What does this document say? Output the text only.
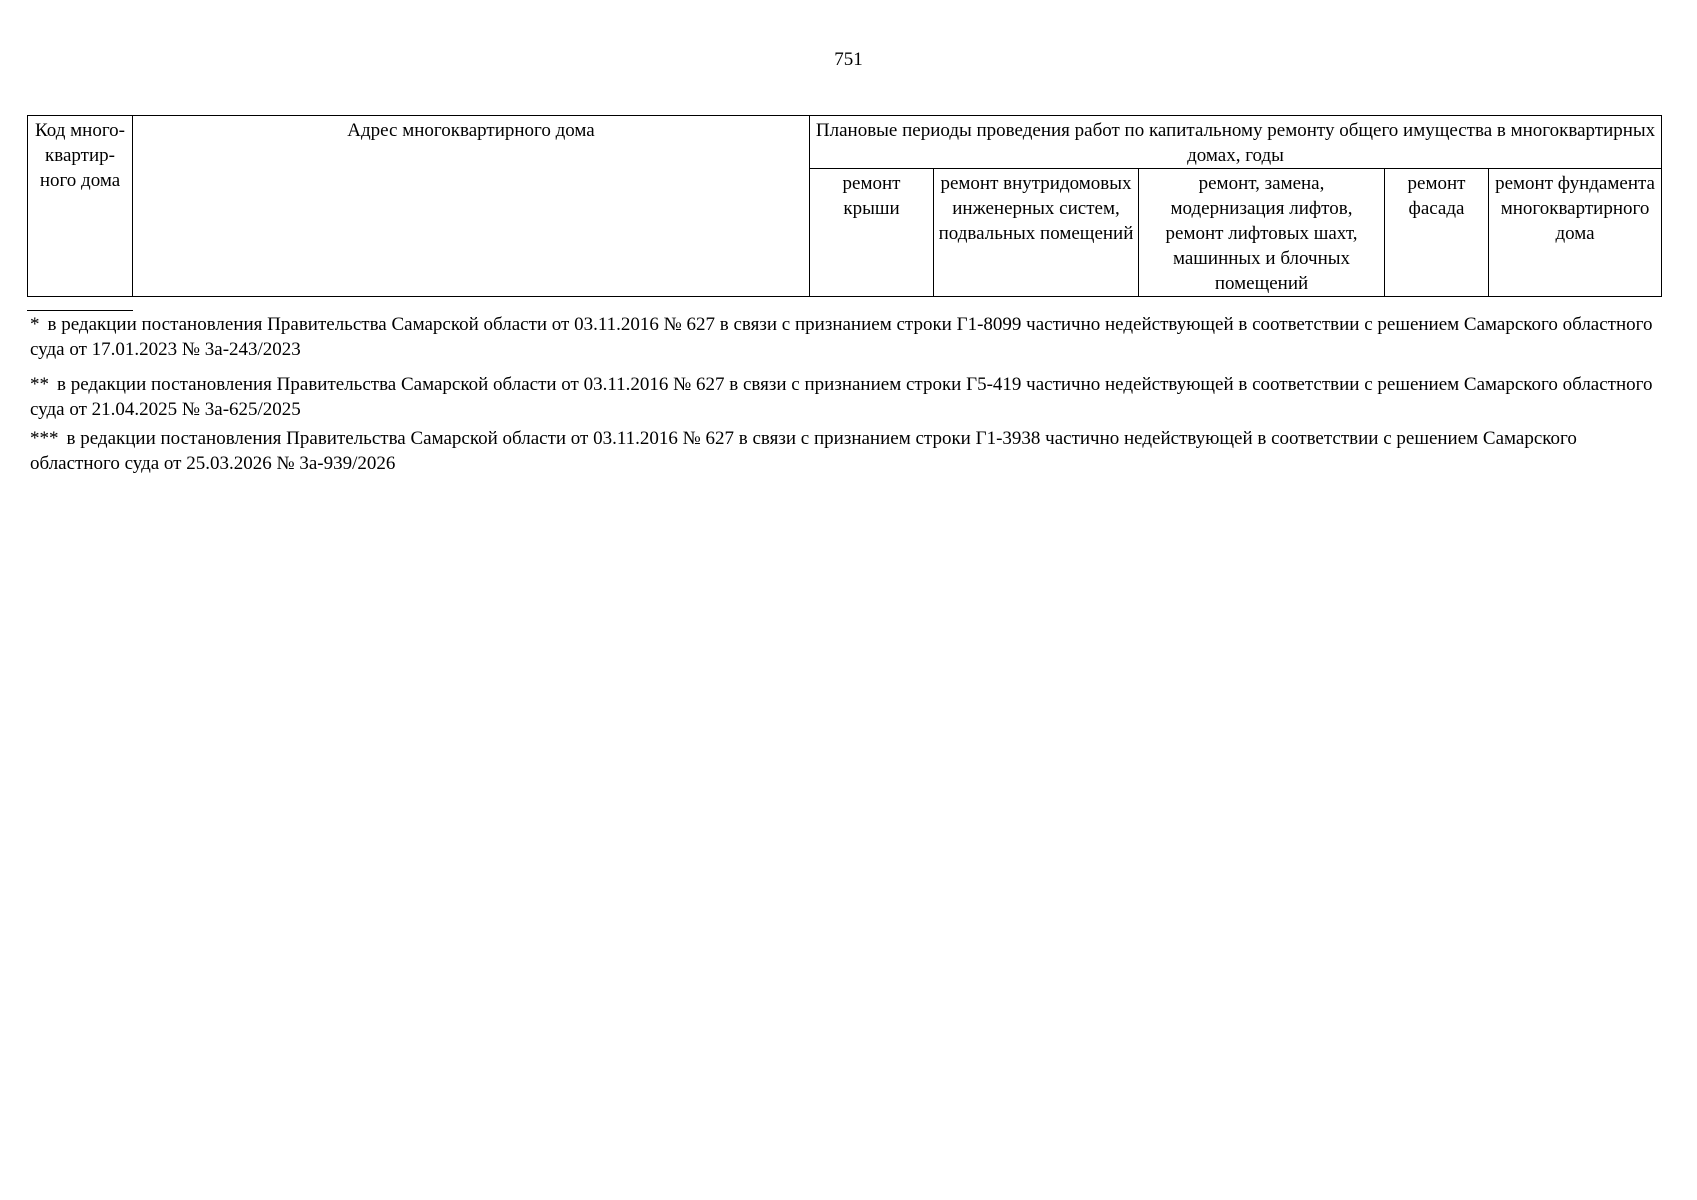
751
Код много-квартир-ного дома	Адрес многоквартирного дома	Плановые периоды проведения работ по капитальному ремонту общего имущества в многоквартирных домах, годы				
		ремонт крыши	ремонт внутридомовых инженерных систем, подвальных помещений	ремонт, замена, модернизация лифтов, ремонт лифтовых шахт, машинных и блочных помещений	ремонт фасада	ремонт фундамента многоквартирного дома

* в редакции постановления Правительства Самарской области от 03.11.2016 № 627 в связи с признанием строки Г1-8099 частично недействующей в соответствии с решением Самарского областного суда от 17.01.2023 № 3а-243/2023

** в редакции постановления Правительства Самарской области от 03.11.2016 № 627 в связи с признанием строки Г5-419 частично недействующей в соответствии с решением Самарского областного суда от 21.04.2025 № 3а-625/2025

*** в редакции постановления Правительства Самарской области от 03.11.2016 № 627 в связи с признанием строки Г1-3938 частично недействующей в соответствии с решением Самарского областного суда от 25.03.2026 № 3а-939/2026
